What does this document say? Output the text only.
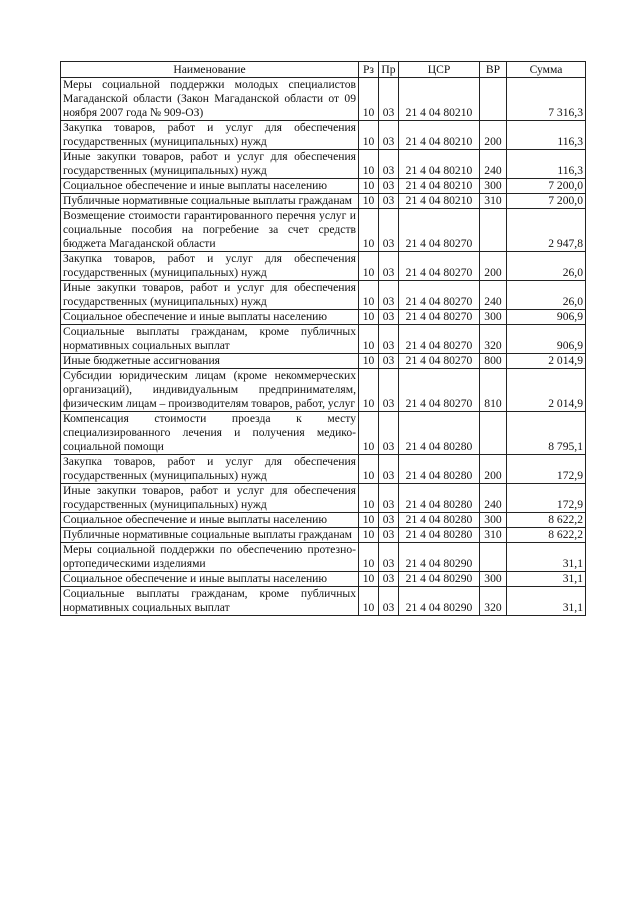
Наименование	Рз	Пр	ЦСР	ВР	Сумма
Меры социальной поддержки молодых специалистов Магаданской области (Закон Магаданской области от 09 ноября 2007 года № 909-ОЗ)	10	03	21 4 04 80210		7 316,3
Закупка товаров, работ и услуг для обеспечения государственных (муниципальных) нужд	10	03	21 4 04 80210	200	116,3
Иные закупки товаров, работ и услуг для обеспечения государственных (муниципальных) нужд	10	03	21 4 04 80210	240	116,3
Социальное обеспечение и иные выплаты населению	10	03	21 4 04 80210	300	7 200,0
Публичные нормативные социальные выплаты гражданам	10	03	21 4 04 80210	310	7 200,0
Возмещение стоимости гарантированного перечня услуг и социальные пособия на погребение за счет средств бюджета Магаданской области	10	03	21 4 04 80270		2 947,8
Закупка товаров, работ и услуг для обеспечения государственных (муниципальных) нужд	10	03	21 4 04 80270	200	26,0
Иные закупки товаров, работ и услуг для обеспечения государственных (муниципальных) нужд	10	03	21 4 04 80270	240	26,0
Социальное обеспечение и иные выплаты населению	10	03	21 4 04 80270	300	906,9
Социальные выплаты гражданам, кроме публичных нормативных социальных выплат	10	03	21 4 04 80270	320	906,9
Иные бюджетные ассигнования	10	03	21 4 04 80270	800	2 014,9
Субсидии юридическим лицам (кроме некоммерческих организаций), индивидуальным предпринимателям, физическим лицам – производителям товаров, работ, услуг	10	03	21 4 04 80270	810	2 014,9
Компенсация стоимости проезда к месту специализированного лечения и получения медико-социальной помощи	10	03	21 4 04 80280		8 795,1
Закупка товаров, работ и услуг для обеспечения государственных (муниципальных) нужд	10	03	21 4 04 80280	200	172,9
Иные закупки товаров, работ и услуг для обеспечения государственных (муниципальных) нужд	10	03	21 4 04 80280	240	172,9
Социальное обеспечение и иные выплаты населению	10	03	21 4 04 80280	300	8 622,2
Публичные нормативные социальные выплаты гражданам	10	03	21 4 04 80280	310	8 622,2
Меры социальной поддержки по обеспечению протезно-ортопедическими изделиями	10	03	21 4 04 80290		31,1
Социальное обеспечение и иные выплаты населению	10	03	21 4 04 80290	300	31,1
Социальные выплаты гражданам, кроме публичных нормативных социальных выплат	10	03	21 4 04 80290	320	31,1
